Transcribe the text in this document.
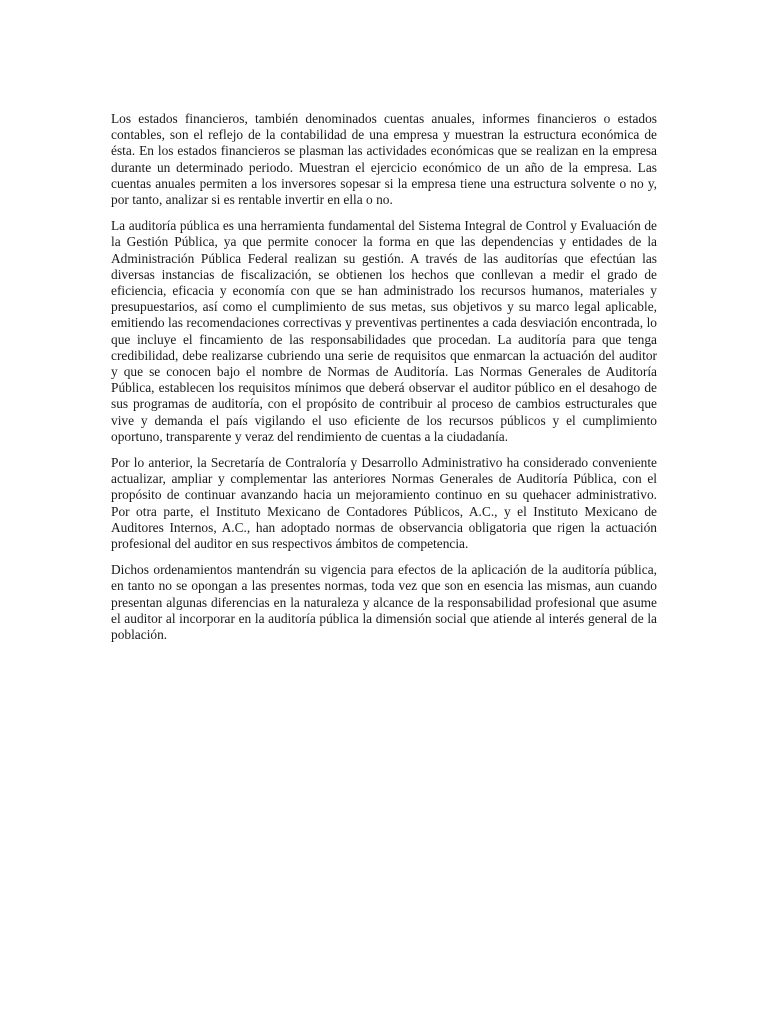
Los estados financieros, también denominados cuentas anuales, informes financieros o estados contables, son el reflejo de la contabilidad de una empresa y muestran la estructura económica de ésta. En los estados financieros se plasman las actividades económicas que se realizan en la empresa durante un determinado periodo. Muestran el ejercicio económico de un año de la empresa. Las cuentas anuales permiten a los inversores sopesar si la empresa tiene una estructura solvente o no y, por tanto, analizar si es rentable invertir en ella o no.

La auditoría pública es una herramienta fundamental del Sistema Integral de Control y Evaluación de la Gestión Pública, ya que permite conocer la forma en que las dependencias y entidades de la Administración Pública Federal realizan su gestión. A través de las auditorías que efectúan las diversas instancias de fiscalización, se obtienen los hechos que conllevan a medir el grado de eficiencia, eficacia y economía con que se han administrado los recursos humanos, materiales y presupuestarios, así como el cumplimiento de sus metas, sus objetivos y su marco legal aplicable, emitiendo las recomendaciones correctivas y preventivas pertinentes a cada desviación encontrada, lo que incluye el fincamiento de las responsabilidades que procedan. La auditoría para que tenga credibilidad, debe realizarse cubriendo una serie de requisitos que enmarcan la actuación del auditor y que se conocen bajo el nombre de Normas de Auditoría. Las Normas Generales de Auditoría Pública, establecen los requisitos mínimos que deberá observar el auditor público en el desahogo de sus programas de auditoría, con el propósito de contribuir al proceso de cambios estructurales que vive y demanda el país vigilando el uso eficiente de los recursos públicos y el cumplimiento oportuno, transparente y veraz del rendimiento de cuentas a la ciudadanía.

Por lo anterior, la Secretaría de Contraloría y Desarrollo Administrativo ha considerado conveniente actualizar, ampliar y complementar las anteriores Normas Generales de Auditoría Pública, con el propósito de continuar avanzando hacia un mejoramiento continuo en su quehacer administrativo. Por otra parte, el Instituto Mexicano de Contadores Públicos, A.C., y el Instituto Mexicano de Auditores Internos, A.C., han adoptado normas de observancia obligatoria que rigen la actuación profesional del auditor en sus respectivos ámbitos de competencia.

Dichos ordenamientos mantendrán su vigencia para efectos de la aplicación de la auditoría pública, en tanto no se opongan a las presentes normas, toda vez que son en esencia las mismas, aun cuando presentan algunas diferencias en la naturaleza y alcance de la responsabilidad profesional que asume el auditor al incorporar en la auditoría pública la dimensión social que atiende al interés general de la población.
